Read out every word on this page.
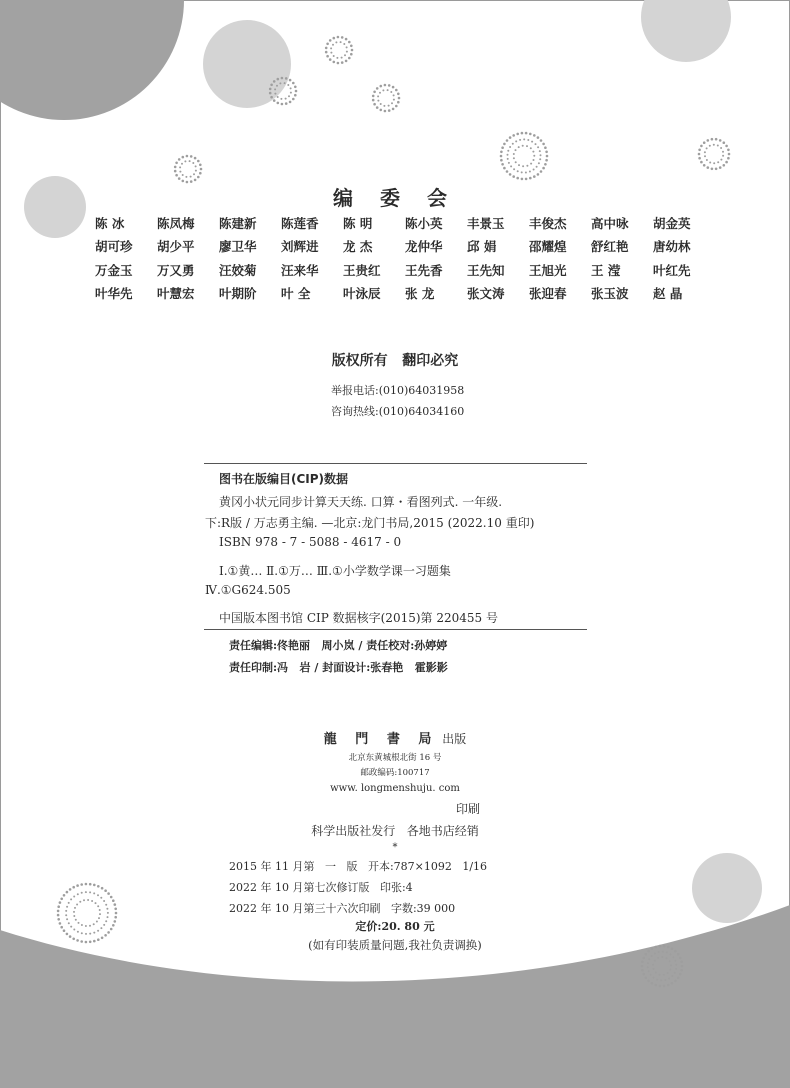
编 委 会
陈 冰	陈凤梅	陈建新	陈莲香	陈 明	陈小英	丰景玉	丰俊杰	高中咏	胡金英
胡可珍	胡少平	廖卫华	刘辉进	龙 杰	龙仲华	邱 娟	邵耀煌	舒红艳	唐幼林
万金玉	万又勇	汪姣菊	汪来华	王贵红	王先香	王先知	王旭光	王 滢	叶红先
叶华先	叶慧宏	叶期阶	叶 全	叶泳辰	张 龙	张文涛	张迎春	张玉波	赵 晶
版权所有   翻印必究
举报电话:(010)64031958
咨询热线:(010)64034160
图书在版编目(CIP)数据
黄冈小状元同步计算天天练. 口算・看图列式. 一年级.
下:R版 / 万志勇主编. —北京:龙门书局,2015 (2022.10 重印)
ISBN 978 - 7 - 5088 - 4617 - 0
Ⅰ.①黄… Ⅱ.①万… Ⅲ.①小学数学课一习题集
Ⅳ.①G624.505
中国版本图书馆 CIP 数据核字(2015)第 220455 号
责任编辑:佟艳丽   周小岚 / 责任校对:孙婷婷
责任印制:冯   岩 / 封面设计:张春艳   霍影影
龍 門 書 局 出版
北京东黄城根北街 16 号
邮政编码:100717
www. longmenshuju. com
印刷
科学出版社发行   各地书店经销
*
2015 年 11 月第   一   版   开本:787×1092   1/16
2022 年 10 月第七次修订版   印张:4
2022 年 10 月第三十六次印刷   字数:39 000
定价:20. 80 元
(如有印装质量问题,我社负责调换)
